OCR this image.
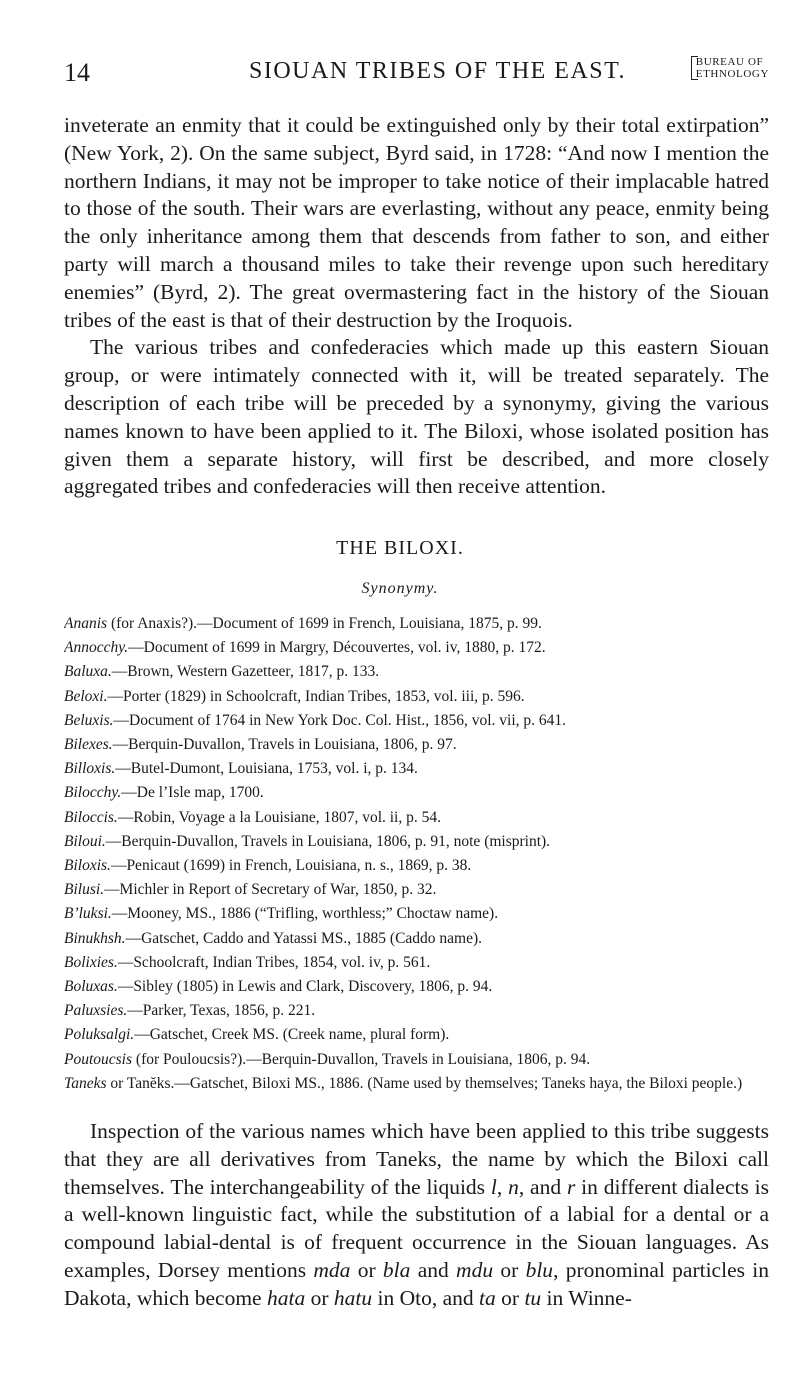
14	SIOUAN TRIBES OF THE EAST.	BUREAU OF
ETHNOLOGY

inveterate an enmity that it could be extinguished only by their total extirpation” (New York, 2). On the same subject, Byrd said, in 1728: “And now I mention the northern Indians, it may not be improper to take notice of their implacable hatred to those of the south. Their wars are everlasting, without any peace, enmity being the only inheritance among them that descends from father to son, and either party will march a thousand miles to take their revenge upon such hereditary enemies” (Byrd, 2). The great overmastering fact in the history of the Siouan tribes of the east is that of their destruction by the Iroquois.

The various tribes and confederacies which made up this eastern Siouan group, or were intimately connected with it, will be treated separately. The description of each tribe will be preceded by a synonymy, giving the various names known to have been applied to it. The Biloxi, whose isolated position has given them a separate history, will first be described, and more closely aggregated tribes and confederacies will then receive attention.

THE BILOXI.
Synonymy.

Ananis (for Anaxis?).—Document of 1699 in French, Louisiana, 1875, p. 99.

Annocchy.—Document of 1699 in Margry, Découvertes, vol. iv, 1880, p. 172.

Baluxa.—Brown, Western Gazetteer, 1817, p. 133.

Beloxi.—Porter (1829) in Schoolcraft, Indian Tribes, 1853, vol. iii, p. 596.

Beluxis.—Document of 1764 in New York Doc. Col. Hist., 1856, vol. vii, p. 641.

Bilexes.—Berquin-Duvallon, Travels in Louisiana, 1806, p. 97.

Billoxis.—Butel-Dumont, Louisiana, 1753, vol. i, p. 134.

Bilocchy.—De l’Isle map, 1700.

Biloccis.—Robin, Voyage a la Louisiane, 1807, vol. ii, p. 54.

Biloui.—Berquin-Duvallon, Travels in Louisiana, 1806, p. 91, note (misprint).

Biloxis.—Penicaut (1699) in French, Louisiana, n. s., 1869, p. 38.

Bilusi.—Michler in Report of Secretary of War, 1850, p. 32.

B’luksi.—Mooney, MS., 1886 (“Trifling, worthless;” Choctaw name).

Binukhsh.—Gatschet, Caddo and Yatassi MS., 1885 (Caddo name).

Bolixies.—Schoolcraft, Indian Tribes, 1854, vol. iv, p. 561.

Boluxas.—Sibley (1805) in Lewis and Clark, Discovery, 1806, p. 94.

Paluxsies.—Parker, Texas, 1856, p. 221.

Poluksalgi.—Gatschet, Creek MS. (Creek name, plural form).

Poutoucsis (for Pouloucsis?).—Berquin-Duvallon, Travels in Louisiana, 1806, p. 94.

Taneks or Tanĕks.—Gatschet, Biloxi MS., 1886. (Name used by themselves; Taneks haya, the Biloxi people.)

Inspection of the various names which have been applied to this tribe suggests that they are all derivatives from Taneks, the name by which the Biloxi call themselves. The interchangeability of the liquids l, n, and r in different dialects is a well-known linguistic fact, while the substitution of a labial for a dental or a compound labial-dental is of frequent occurrence in the Siouan languages. As examples, Dorsey mentions mda or bla and mdu or blu, pronominal particles in Dakota, which become hata or hatu in Oto, and ta or tu in Winne-
